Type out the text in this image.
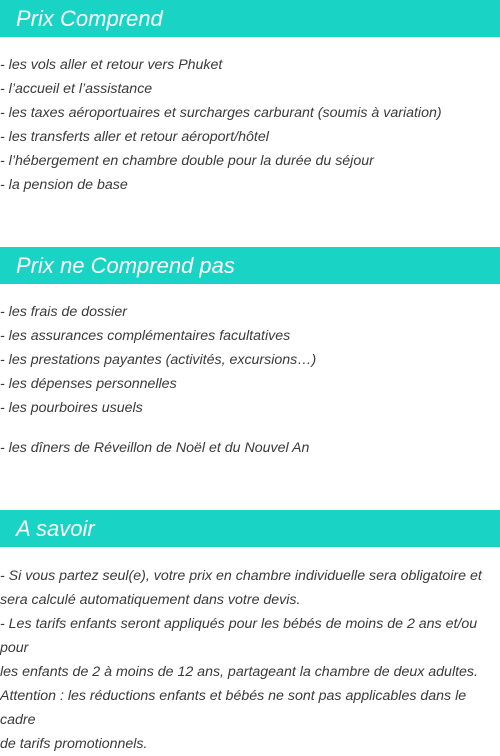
Prix Comprend
- les vols aller et retour vers Phuket
- l’accueil et l’assistance
- les taxes aéroportuaires et surcharges carburant (soumis à variation)
- les transferts aller et retour aéroport/hôtel
- l’hébergement en chambre double pour la durée du séjour
- la pension de base
Prix ne Comprend pas
- les frais de dossier
- les assurances complémentaires facultatives
- les prestations payantes (activités, excursions…)
- les dépenses personnelles
- les pourboires usuels
- les dîners de Réveillon de Noël et du Nouvel An
A savoir
- Si vous partez seul(e), votre prix en chambre individuelle sera obligatoire et
sera calculé automatiquement dans votre devis.
- Les tarifs enfants seront appliqués pour les bébés de moins de 2 ans et/ou pour
les enfants de 2 à moins de 12 ans, partageant la chambre de deux adultes.
Attention : les réductions enfants et bébés ne sont pas applicables dans le cadre
de tarifs promotionnels.
